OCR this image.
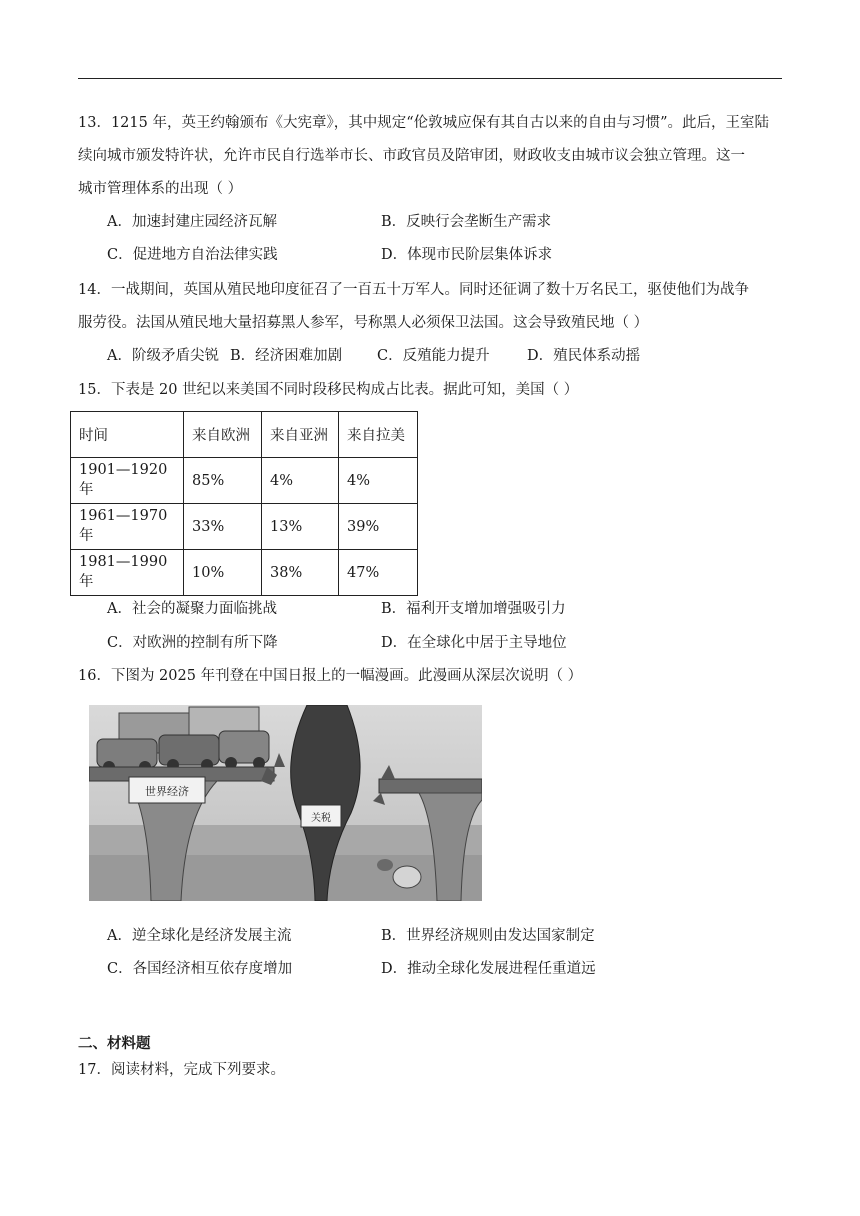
13．1215 年，英王约翰颁布《大宪章》，其中规定“伦敦城应保有其自古以来的自由与习惯”。此后，王室陆
续向城市颁发特许状，允许市民自行选举市长、市政官员及陪审团，财政收支由城市议会独立管理。这一
城市管理体系的出现（ ）
A．加速封建庄园经济瓦解	B．反映行会垄断生产需求
C．促进地方自治法律实践	D．体现市民阶层集体诉求
14．一战期间，英国从殖民地印度征召了一百五十万军人。同时还征调了数十万名民工，驱使他们为战争
服劳役。法国从殖民地大量招募黑人参军，号称黑人必须保卫法国。这会导致殖民地（ ）
A．阶级矛盾尖锐 B．经济困难加剧 C．反殖能力提升	D．殖民体系动摇
15．下表是 20 世纪以来美国不同时段移民构成占比表。据此可知，美国（ ）
时间	来自欧洲	来自亚洲	来自拉美
1901—1920 年	85%	4%	4%
1961—1970 年	33%	13%	39%
1981—1990 年	10%	38%	47%
A．社会的凝聚力面临挑战	B．福利开支增加增强吸引力
C．对欧洲的控制有所下降	D．在全球化中居于主导地位
16．下图为 2025 年刊登在中国日报上的一幅漫画。此漫画从深层次说明（ ）
世界经济
关税
A．逆全球化是经济发展主流	B．世界经济规则由发达国家制定
C．各国经济相互依存度增加	D．推动全球化发展进程任重道远
二、材料题
17．阅读材料，完成下列要求。
